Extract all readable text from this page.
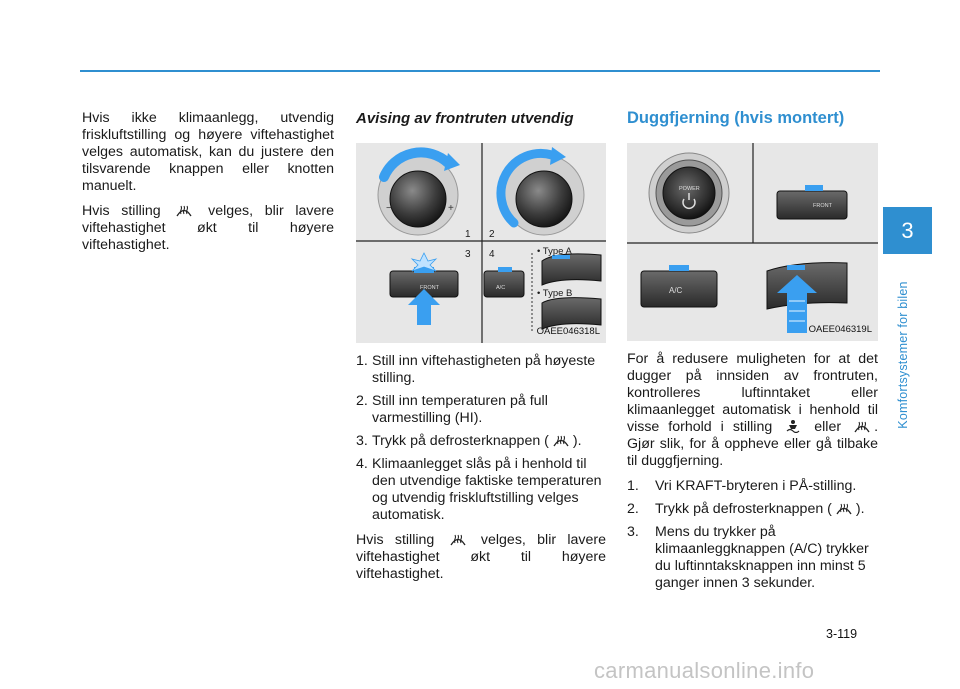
Hvis ikke klimaanlegg, utvendig friskluftstilling og høyere viftehastighet velges automatisk, kan du justere den tilsvarende knappen eller knotten manuelt.

Hvis stilling	velges, blir lavere viftehastighet økt til høyere viftehastighet.

Avising av frontruten utvendig
−	+
FRONT	A/C
1 2
3 4	• Type A
• Type B
OAEE046318L
1. Still inn viftehastigheten på høyeste stilling.
2. Still inn temperaturen på full varmestilling (HI).
3. Trykk på defrosterknappen ( ).
4. Klimaanlegget slås på i henhold til den utvendige faktiske temperaturen og utvendig friskluftstilling velges automatisk.

Hvis stilling	velges, blir lavere viftehastighet økt til høyere viftehastighet.

Duggfjerning (hvis montert)
POWER
FRONT
A/C
OAEE046319L

For å redusere muligheten for at det dugger på innsiden av frontruten, kontrolleres luftinntaket eller klimaanlegget automatisk i henhold til visse forhold i stilling	eller . Gjør slik, for å oppheve eller gå tilbake til duggfjerning.

1. Vri KRAFT-bryteren i PÅ-stilling.
2. Trykk på defrosterknappen ( ).
3. Mens du trykker på klimaanleggknappen (A/C) trykker du luftinntaksknappen inn minst 5 ganger innen 3 sekunder.
3
Komfortsystemer for bilen
3-119
carmanualsonline.info
